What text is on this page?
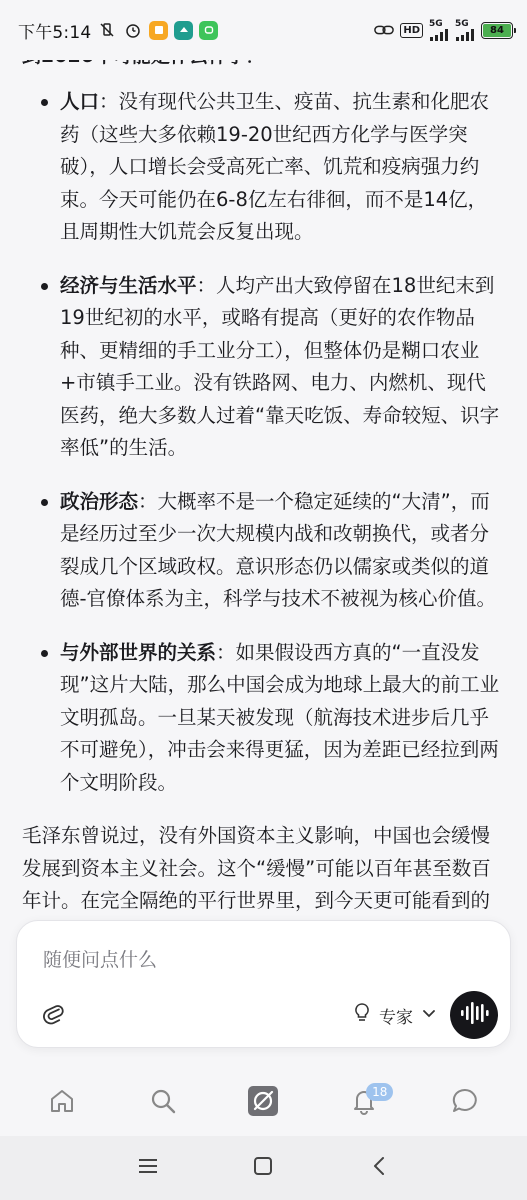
下午5:14	HD
5G 5G
84
人口：没有现代公共卫生、疫苗、抗生素和化肥农药（这些大多依赖19-20世纪西方化学与医学突破），人口增长会受高死亡率、饥荒和疫病强力约束。今天可能仍在6-8亿左右徘徊，而不是14亿，且周期性大饥荒会反复出现。
经济与生活水平：人均产出大致停留在18世纪末到19世纪初的水平，或略有提高（更好的农作物品种、更精细的手工业分工），但整体仍是糊口农业+市镇手工业。没有铁路网、电力、内燃机、现代医药，绝大多数人过着“靠天吃饭、寿命较短、识字率低”的生活。
政治形态：大概率不是一个稳定延续的“大清”，而是经历过至少一次大规模内战和改朝换代，或者分裂成几个区域政权。意识形态仍以儒家或类似的道德-官僚体系为主，科学与技术不被视为核心价值。
与外部世界的关系：如果假设西方真的“一直没发现”这片大陆，那么中国会成为地球上最大的前工业文明孤岛。一旦某天被发现（航海技术进步后几乎不可避免），冲击会来得更猛，因为差距已经拉到两个文明阶段。

毛泽东曾说过，没有外国资本主义影响，中国也会缓慢发展到资本主义社会。这个“缓慢”可能以百年甚至数百年计。在完全隔绝的平行世界里，到今天更可能看到的

随便问点什么
专家
18
